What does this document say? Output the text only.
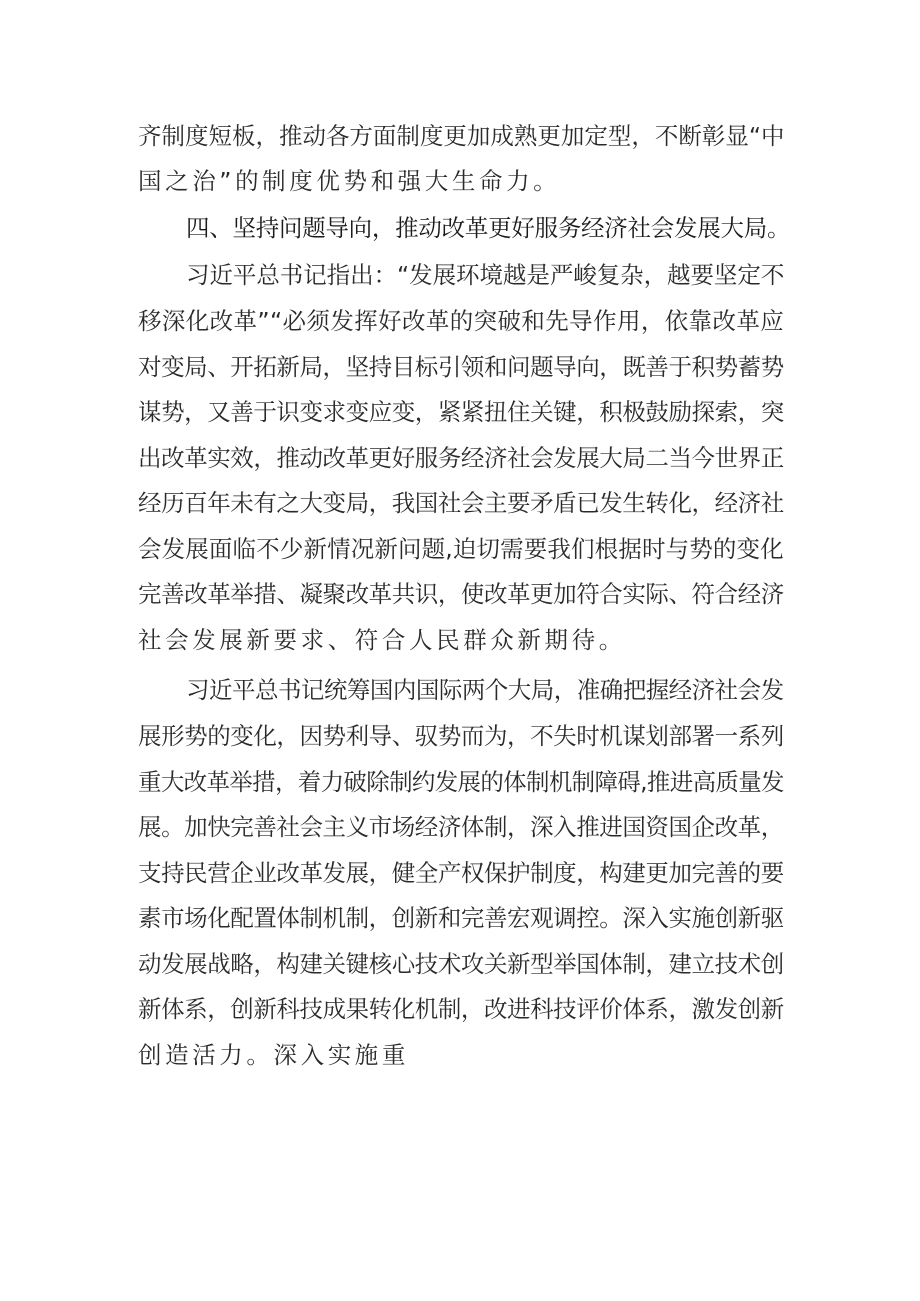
齐制度短板，推动各方面制度更加成熟更加定型，不断彰显“中
国之治”的制度优势和强大生命力。
四、坚持问题导向，推动改革更好服务经济社会发展大局。
习近平总书记指出：“发展环境越是严峻复杂，越要坚定不
移深化改革”“必须发挥好改革的突破和先导作用，依靠改革应
对变局、开拓新局，坚持目标引领和问题导向，既善于积势蓄势
谋势，又善于识变求变应变，紧紧扭住关键，积极鼓励探索，突
出改革实效，推动改革更好服务经济社会发展大局二当今世界正
经历百年未有之大变局，我国社会主要矛盾已发生转化，经济社
会发展面临不少新情况新问题,迫切需要我们根据时与势的变化
完善改革举措、凝聚改革共识，使改革更加符合实际、符合经济
社会发展新要求、符合人民群众新期待。
习近平总书记统筹国内国际两个大局，准确把握经济社会发
展形势的变化，因势利导、驭势而为，不失时机谋划部署一系列
重大改革举措，着力破除制约发展的体制机制障碍,推进高质量发
展。加快完善社会主义市场经济体制，深入推进国资国企改革，
支持民营企业改革发展，健全产权保护制度，构建更加完善的要
素市场化配置体制机制，创新和完善宏观调控。深入实施创新驱
动发展战略，构建关键核心技术攻关新型举国体制，建立技术创
新体系，创新科技成果转化机制，改进科技评价体系，激发创新
创造活力。深入实施重
